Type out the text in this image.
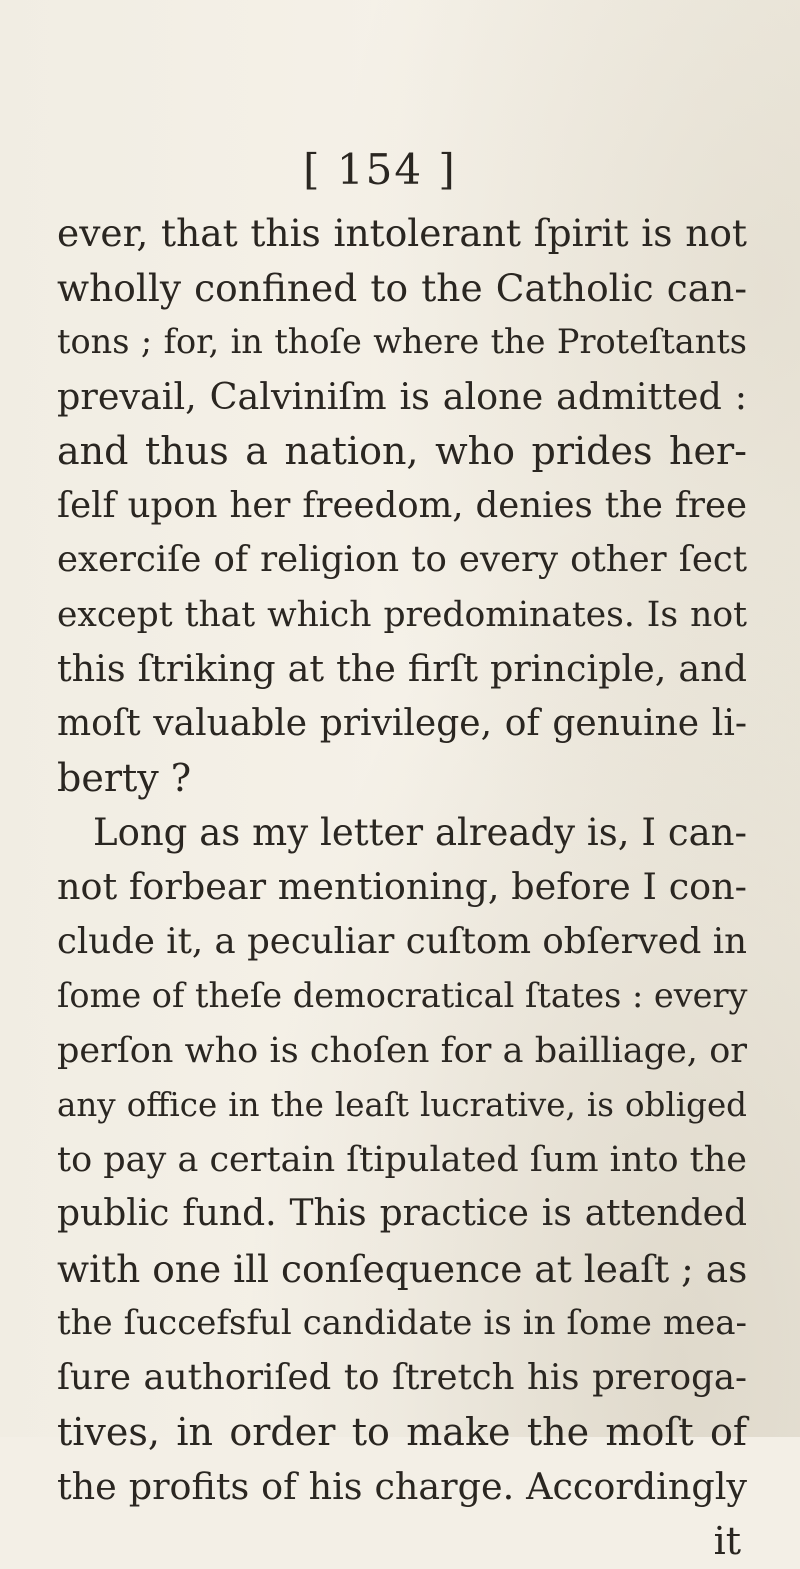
[ 154 ]
ever, that this intolerant ſpirit is not
wholly confined to the Catholic can-
tons ; for, in thoſe where the Proteſtants
prevail, Calviniſm is alone admitted :
and thus a nation, who prides her-
ſelf upon her freedom, denies the free
exerciſe of religion to every other ſect
except that which predominates. Is not
this ſtriking at the firſt principle, and
moſt valuable privilege, of genuine li-
berty ?
Long as my letter already is, I can-
not forbear mentioning, before I con-
clude it, a peculiar cuſtom obſerved in
ſome of theſe democratical ſtates : every
perſon who is choſen for a bailliage, or
any office in the leaſt lucrative, is obliged
to pay a certain ſtipulated ſum into the
public fund. This practice is attended
with one ill conſequence at leaſt ; as
the ſuccefsful candidate is in ſome mea-
ſure authoriſed to ſtretch his preroga-
tives, in order to make the moſt of
the profits of his charge. Accordingly
it
